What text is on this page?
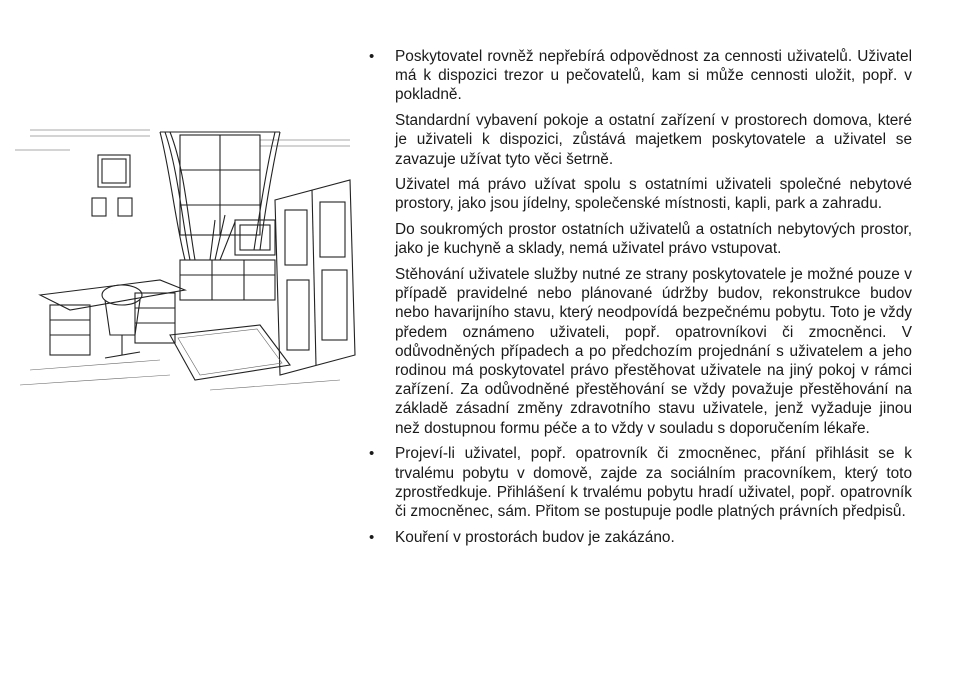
• Poskytovatel rovněž nepřebírá odpovědnost za cennosti uživatelů. Uživatel má k dispozici trezor u pečovatelů, kam si může cennosti uložit, popř. v pokladně.

Standardní vybavení pokoje a ostatní zařízení v prostorech domova, které je uživateli k dispozici, zůstává majetkem poskytovatele a uživatel se zavazuje užívat tyto věci šetrně.

Uživatel má právo užívat spolu s ostatními uživateli společné nebytové prostory, jako jsou jídelny, společenské místnosti, kapli, park a zahradu.

Do soukromých prostor ostatních uživatelů a ostatních nebytových prostor, jako je kuchyně a sklady, nemá uživatel právo vstupovat.

Stěhování uživatele služby nutné ze strany poskytovatele je možné pouze v případě pravidelné nebo plánované údržby budov, rekonstrukce budov nebo havarijního stavu, který neodpovídá bezpečnému pobytu. Toto je vždy předem oznámeno uživateli, popř. opatrovníkovi či zmocněnci. V odůvodněných případech a po předchozím projednání s uživatelem a jeho rodinou má poskytovatel právo přestěhovat uživatele na jiný pokoj v rámci zařízení. Za odůvodněné přestěhování se vždy považuje přestěhování na základě zásadní změny zdravotního stavu uživatele, jenž vyžaduje jinou než dostupnou formu péče a to vždy v souladu s doporučením lékaře.

• Projeví-li uživatel, popř. opatrovník či zmocněnec, přání přihlásit se k trvalému pobytu v domově, zajde za sociálním pracovníkem, který toto zprostředkuje. Přihlášení k trvalému pobytu hradí uživatel, popř. opatrovník či zmocněnec, sám. Přitom se postupuje podle platných právních předpisů.

• Kouření v prostorách budov je zakázáno.
